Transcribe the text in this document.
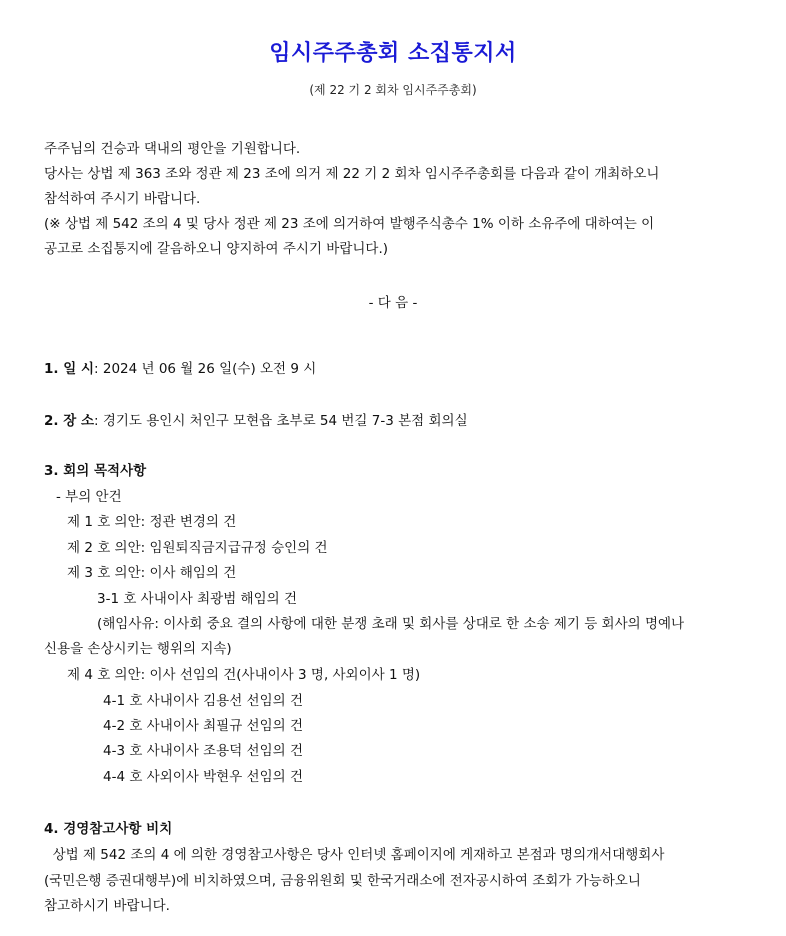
임시주주총회 소집통지서
(제 22 기 2 회차 임시주주총회)
주주님의 건승과 댁내의 평안을 기원합니다.
당사는 상법 제 363 조와 정관 제 23 조에 의거 제 22 기 2 회차 임시주주총회를 다음과 같이 개최하오니
참석하여 주시기 바랍니다.
(※ 상법 제 542 조의 4 및 당사 정관 제 23 조에 의거하여 발행주식총수 1% 이하 소유주에 대하여는 이
공고로 소집통지에 갈음하오니 양지하여 주시기 바랍니다.)
- 다 음 -
1. 일 시: 2024 년 06 월 26 일(수) 오전 9 시
2. 장 소: 경기도 용인시 처인구 모현읍 초부로 54 번길 7-3 본점 회의실
3. 회의 목적사항
- 부의 안건
제 1 호 의안: 정관 변경의 건
제 2 호 의안: 임원퇴직금지급규정 승인의 건
제 3 호 의안: 이사 해임의 건
3-1 호 사내이사 최광범 해임의 건
(해임사유: 이사회 중요 결의 사항에 대한 분쟁 초래 및 회사를 상대로 한 소송 제기 등 회사의 명예나
신용을 손상시키는 행위의 지속)
제 4 호 의안: 이사 선임의 건(사내이사 3 명, 사외이사 1 명)
4-1 호 사내이사 김용선 선임의 건
4-2 호 사내이사 최필규 선임의 건
4-3 호 사내이사 조용덕 선임의 건
4-4 호 사외이사 박현우 선임의 건
4. 경영참고사항 비치
상법 제 542 조의 4 에 의한 경영참고사항은 당사 인터넷 홈페이지에 게재하고 본점과 명의개서대행회사
(국민은행 증권대행부)에 비치하였으며, 금융위원회 및 한국거래소에 전자공시하여 조회가 가능하오니
참고하시기 바랍니다.
